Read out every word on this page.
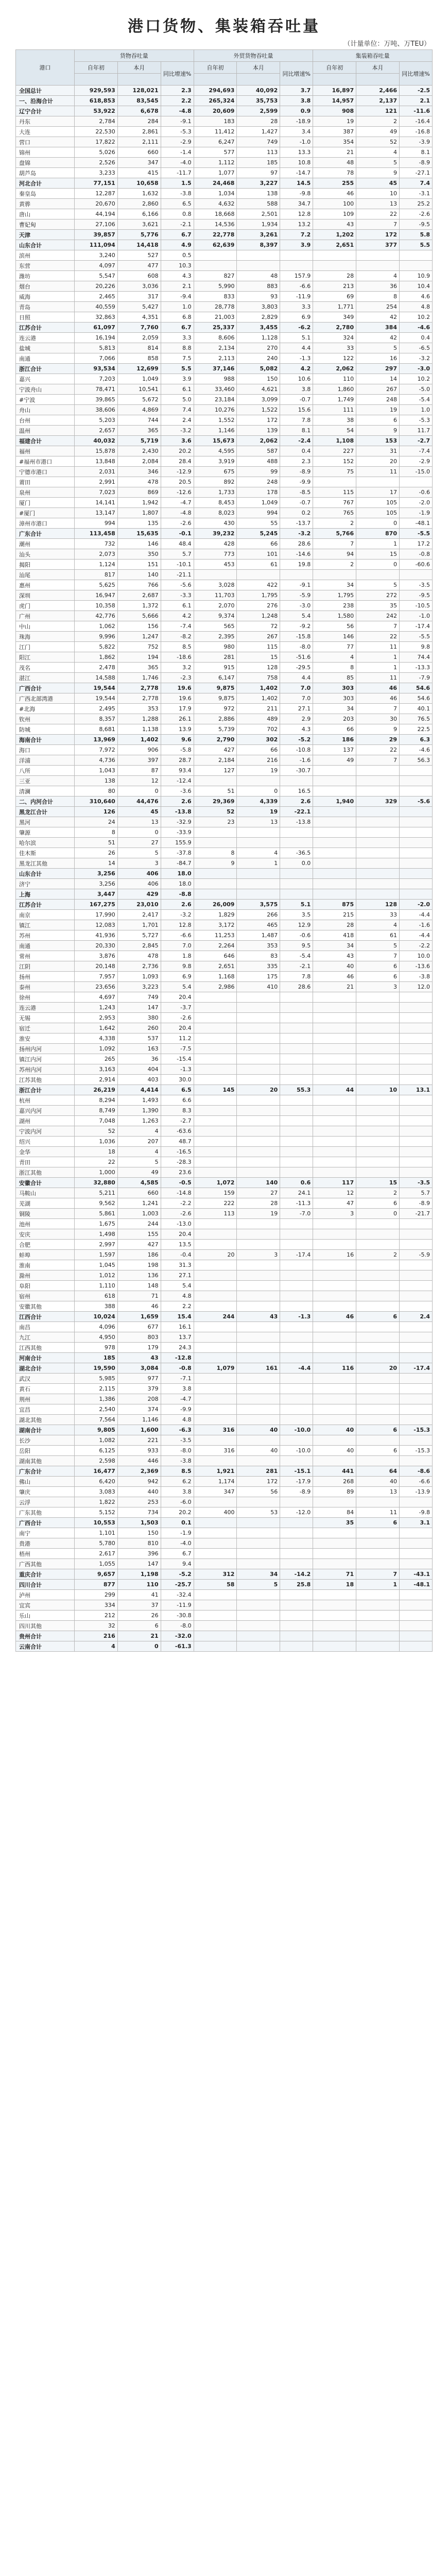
港口货物、集装箱吞吐量
（计量单位：万吨、万TEU）
港口	货物吞吐量			外贸货物吞吐量			集装箱吞吐量		
	自年初	本月	同比增速%	自年初	本月	同比增速%	自年初	本月	同比增速%

全国总计	929,593	128,021	2.3	294,693	40,092	3.7	16,897	2,466	-2.5
一、沿海合计	618,853	83,545	2.2	265,324	35,753	3.8	14,957	2,137	2.1
辽宁合计	53,922	6,678	-4.8	20,609	2,599	0.9	908	121	-11.6
丹东	2,784	284	-9.1	183	28	-18.9	19	2	-16.4
大连	22,530	2,861	-5.3	11,412	1,427	3.4	387	49	-16.8
营口	17,822	2,111	-2.9	6,247	749	-1.0	354	52	-3.9
锦州	5,026	660	-1.4	577	113	13.3	21	4	8.1
盘锦	2,526	347	-4.0	1,112	185	10.8	48	5	-8.9
葫芦岛	3,233	415	-11.7	1,077	97	-14.7	78	9	-27.1
河北合计	77,151	10,658	1.5	24,468	3,227	14.5	255	45	7.4
秦皇岛	12,287	1,632	-3.8	1,034	138	-9.8	46	10	-3.1
黄骅	20,670	2,860	6.5	4,632	588	34.7	100	13	25.2
唐山	44,194	6,166	0.8	18,668	2,501	12.8	109	22	-2.6
曹妃甸	27,106	3,621	-2.1	14,536	1,934	13.2	43	7	-9.5
天津	39,857	5,776	6.7	22,778	3,261	7.2	1,202	172	5.8
山东合计	111,094	14,418	4.9	62,639	8,397	3.9	2,651	377	5.5
滨州	3,240	527	0.5						
东营	4,097	477	10.3						
潍坊	5,547	608	4.3	827	48	157.9	28	4	10.9
烟台	20,226	3,036	2.1	5,990	883	-6.6	213	36	10.4
威海	2,465	317	-9.4	833	93	-11.9	69	8	4.6
青岛	40,559	5,427	1.0	28,778	3,803	3.3	1,771	254	4.8
日照	32,863	4,351	6.8	21,003	2,829	6.9	349	42	10.2
江苏合计	61,097	7,760	6.7	25,337	3,455	-6.2	2,780	384	-4.6
连云港	16,194	2,059	3.3	8,606	1,128	5.1	324	42	0.4
盐城	5,813	814	8.8	2,134	270	4.4	33	5	-6.5
南通	7,066	858	7.5	2,113	240	-1.3	122	16	-3.2
浙江合计	93,534	12,699	5.5	37,146	5,082	4.2	2,062	297	-3.0
嘉兴	7,203	1,049	3.9	988	150	10.6	110	14	10.2
宁波舟山	78,471	10,541	6.1	33,460	4,621	3.8	1,860	267	-5.0
#宁波	39,865	5,672	5.0	23,184	3,099	-0.7	1,749	248	-5.4
舟山	38,606	4,869	7.4	10,276	1,522	15.6	111	19	1.0
台州	5,203	744	2.4	1,552	172	7.8	38	6	-5.3
温州	2,657	365	-3.2	1,146	139	8.1	54	9	11.7
福建合计	40,032	5,719	3.6	15,673	2,062	-2.4	1,108	153	-2.7
福州	15,878	2,430	20.2	4,595	587	0.4	227	31	-7.4
#福州市港口	13,848	2,084	28.4	3,919	488	2.3	152	20	-2.9
宁德市港口	2,031	346	-12.9	675	99	-8.9	75	11	-15.0
莆田	2,991	478	20.5	892	248	-9.9			
泉州	7,023	869	-12.6	1,733	178	-8.5	115	17	-0.6
厦门	14,141	1,942	-4.7	8,453	1,049	-0.7	767	105	-2.0
#厦门	13,147	1,807	-4.8	8,023	994	0.2	765	105	-1.9
漳州市港口	994	135	-2.6	430	55	-13.7	2	0	-48.1
广东合计	113,458	15,635	-0.1	39,232	5,245	-3.2	5,766	870	-5.5
潮州	732	146	48.4	428	66	28.6	7	1	17.2
汕头	2,073	350	5.7	773	101	-14.6	94	15	-0.8
揭阳	1,124	151	-10.1	453	61	19.8	2	0	-60.6
汕尾	817	140	-21.1						
惠州	5,625	766	-5.6	3,028	422	-9.1	34	5	-3.5
深圳	16,947	2,687	-3.3	11,703	1,795	-5.9	1,795	272	-9.5
虎门	10,358	1,372	6.1	2,070	276	-3.0	238	35	-10.5
广州	42,776	5,666	4.2	9,374	1,248	5.4	1,580	242	-1.0
中山	1,062	156	-7.4	565	72	-9.2	56	7	-17.4
珠海	9,996	1,247	-8.2	2,395	267	-15.8	146	22	-5.5
江门	5,822	752	8.5	980	115	-8.0	77	11	9.8
阳江	1,862	194	-18.6	281	15	-51.6	4	1	74.4
茂名	2,478	365	3.2	915	128	-29.5	8	1	-13.3
湛江	14,588	1,746	-2.3	6,147	758	4.4	85	11	-7.9
广西合计	19,544	2,778	19.6	9,875	1,402	7.0	303	46	54.6
广西北部湾港	19,544	2,778	19.6	9,875	1,402	7.0	303	46	54.6
#北海	2,495	353	17.9	972	211	27.1	34	7	40.1
钦州	8,357	1,288	26.1	2,886	489	2.9	203	30	76.5
防城	8,681	1,138	13.9	5,739	702	4.3	66	9	22.5
海南合计	13,969	1,402	9.6	2,790	302	-5.2	186	29	6.3
海口	7,972	906	-5.8	427	66	-10.8	137	22	-4.6
洋浦	4,736	397	28.7	2,184	216	-1.6	49	7	56.3
八所	1,043	87	93.4	127	19	-30.7			
三亚	138	12	-12.4						
清澜	80	0	-3.6	51	0	16.5			
二、内河合计	310,640	44,476	2.6	29,369	4,339	2.6	1,940	329	-5.6
黑龙江合计	126	45	-13.8	52	19	-22.1			
黑河	24	13	-32.9	23	13	-13.8			
肇源	8	0	-33.9						
哈尔滨	51	27	155.9						
佳木斯	26	5	-37.8	8	4	-36.5			
黑龙江其他	14	3	-84.7	9	1	0.0			
山东合计	3,256	406	18.0						
济宁	3,256	406	18.0						
上海	3,447	429	-8.8						
江苏合计	167,275	23,010	2.6	26,009	3,575	5.1	875	128	-2.0
南京	17,990	2,417	-3.2	1,829	266	3.5	215	33	-4.4
镇江	12,083	1,701	12.8	3,172	465	12.9	28	4	-1.6
苏州	41,936	5,727	-6.6	11,253	1,487	-0.6	418	61	-4.4
南通	20,330	2,845	7.0	2,264	353	9.5	34	5	-2.2
常州	3,876	478	1.8	646	83	-5.4	43	7	10.0
江阴	20,148	2,736	9.8	2,651	335	-2.1	40	6	-13.6
扬州	7,957	1,093	6.9	1,168	175	7.8	46	6	-3.8
泰州	23,656	3,223	5.4	2,986	410	28.6	21	3	12.0
徐州	4,697	749	20.4						
连云港	1,243	147	-3.7						
无锡	2,953	380	-2.6						
宿迁	1,642	260	20.4						
淮安	4,338	537	11.2						
扬州内河	1,092	163	-7.5						
镇江内河	265	36	-15.4						
苏州内河	3,163	404	-1.3						
江苏其他	2,914	403	30.0						
浙江合计	26,219	4,414	6.5	145	20	55.3	44	10	13.1
杭州	8,294	1,493	6.6						
嘉兴内河	8,749	1,390	8.3						
湖州	7,048	1,263	-2.7						
宁波内河	52	4	-63.6						
绍兴	1,036	207	48.7						
金华	18	4	-16.5						
青田	22	5	-28.3						
浙江其他	1,000	49	23.6						
安徽合计	32,880	4,585	-0.5	1,072	140	0.6	117	15	-3.5
马鞍山	5,211	660	-14.8	159	27	24.1	12	2	5.7
芜湖	9,562	1,241	-2.2	222	28	-11.3	47	6	-8.9
铜陵	5,861	1,003	-2.6	113	19	-7.0	3	0	-21.7
池州	1,675	244	-13.0						
安庆	1,498	155	20.4						
合肥	2,997	427	13.5						
蚌埠	1,597	186	-0.4	20	3	-17.4	16	2	-5.9
淮南	1,045	198	31.3						
滁州	1,012	136	27.1						
阜阳	1,110	148	5.4						
宿州	618	71	4.8						
安徽其他	388	46	2.2						
江西合计	10,024	1,659	15.4	244	43	-1.3	46	6	2.4
南昌	4,096	677	16.1						
九江	4,950	803	13.7						
江西其他	978	179	24.3						
河南合计	185	43	-12.8						
湖北合计	19,590	3,084	-0.8	1,079	161	-4.4	116	20	-17.4
武汉	5,985	977	-7.1						
黄石	2,115	379	3.8						
荆州	1,386	208	-4.7						
宜昌	2,540	374	-9.9						
湖北其他	7,564	1,146	4.8						
湖南合计	9,805	1,600	-6.3	316	40	-10.0	40	6	-15.3
长沙	1,082	221	-3.5						
岳阳	6,125	933	-8.0	316	40	-10.0	40	6	-15.3
湖南其他	2,598	446	-3.8						
广东合计	16,477	2,369	8.5	1,921	281	-15.1	441	64	-8.6
佛山	6,420	942	6.2	1,174	172	-17.9	268	40	-6.6
肇庆	3,083	440	3.8	347	56	-8.9	89	13	-13.9
云浮	1,822	253	-6.0						
广东其他	5,152	734	20.2	400	53	-12.0	84	11	-9.8
广西合计	10,553	1,503	0.1				35	6	3.1
南宁	1,101	150	-1.9						
贵港	5,780	810	-4.0						
梧州	2,617	396	6.7						
广西其他	1,055	147	9.4						
重庆合计	9,657	1,198	-5.2	312	34	-14.2	71	7	-43.1
四川合计	877	110	-25.7	58	5	25.8	18	1	-48.1
泸州	299	41	-32.4						
宜宾	334	37	-11.9						
乐山	212	26	-30.8						
四川其他	32	6	-8.0						
贵州合计	216	21	-32.0						
云南合计	4	0	-61.3						
